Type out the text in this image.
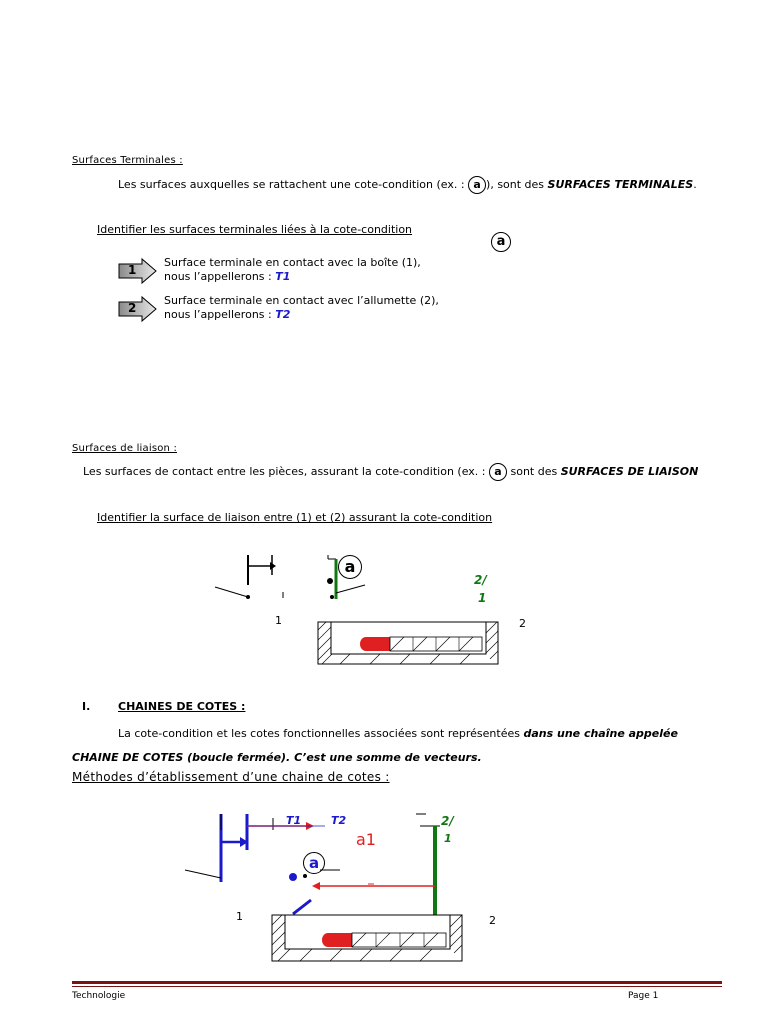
Surfaces Terminales :
Les surfaces auxquelles se rattachent une cote-condition (ex. : a ), sont des SURFACES TERMINALES.
Identifier les surfaces terminales liées à la cote-condition
a
1
Surface terminale en contact avec la boîte (1),
nous l’appellerons : T1
2
Surface terminale en contact avec l’allumette (2),
nous l’appellerons : T2
Surfaces de liaison :
Les surfaces de contact entre les pièces, assurant la cote-condition (ex. : a sont des SURFACES DE LIAISON
Identifier la surface de liaison entre (1) et (2) assurant la cote-condition
a
2/
1
1	2
I.	CHAINES DE COTES :
La cote-condition et les cotes fonctionnelles associées sont représentées dans une chaîne appelée CHAINE DE COTES (boucle fermée). C’est une somme de vecteurs.
Méthodes d’établissement d’une chaine de cotes :
T1	T2
a1
2/
1
a
1	2
Technologie	Page 1
